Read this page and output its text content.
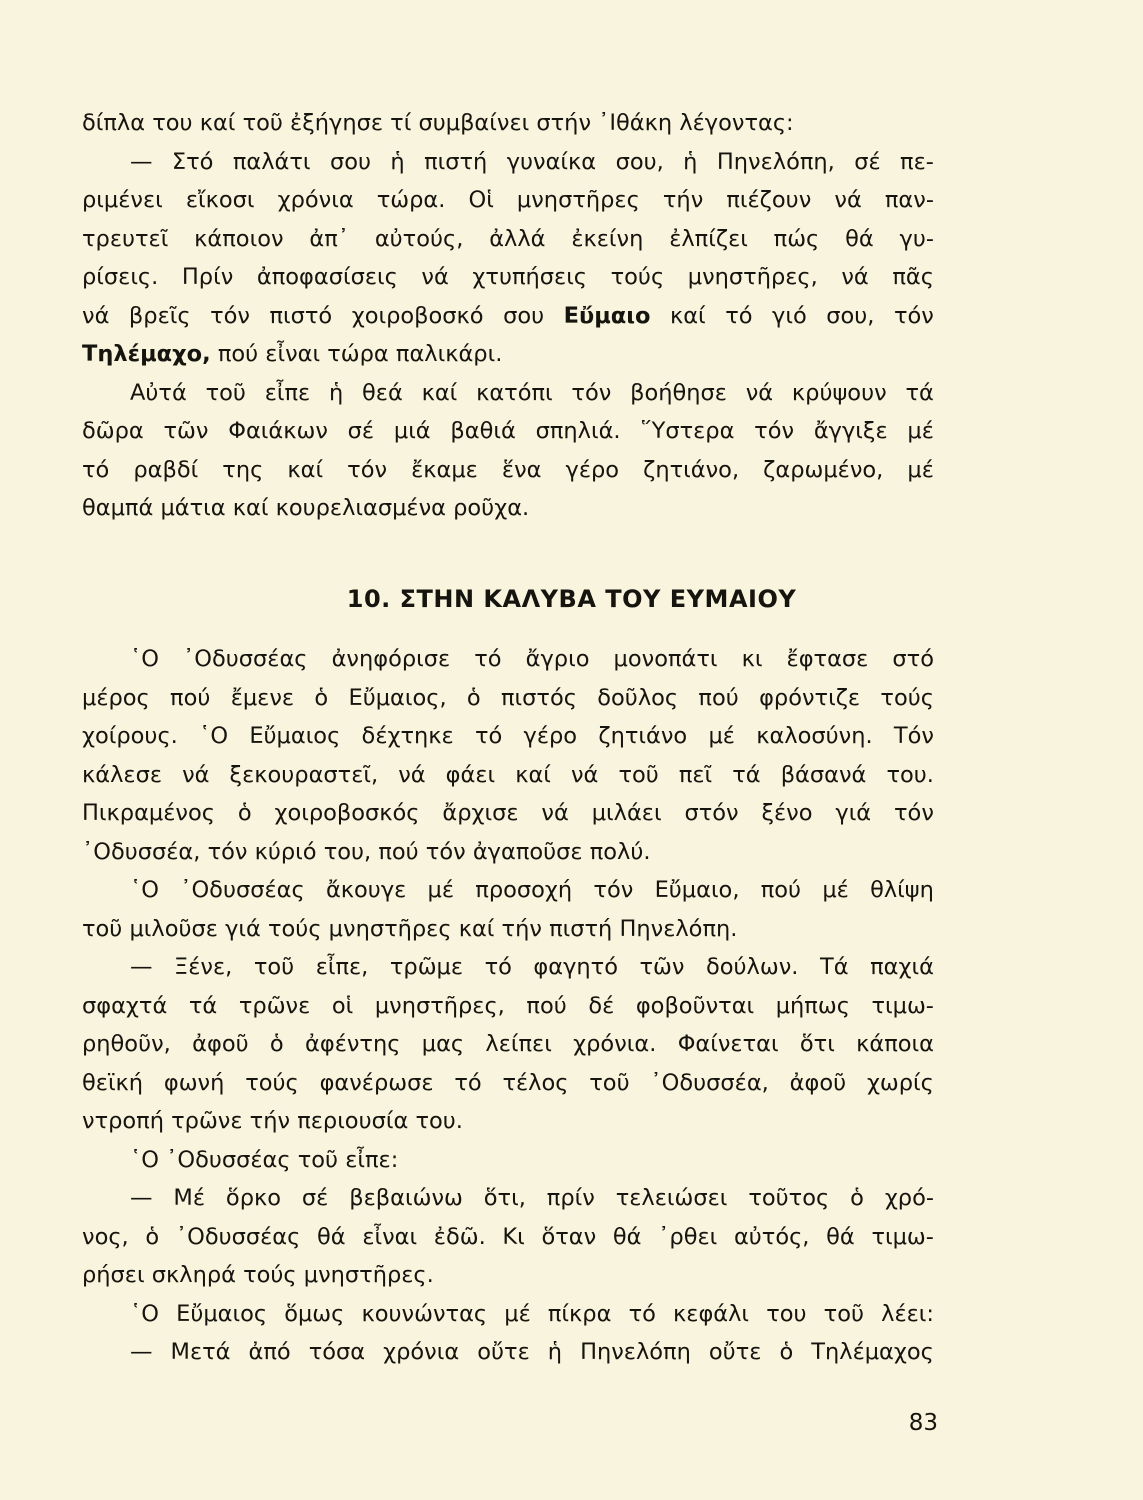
δίπλα του καί τοῦ ἐξήγησε τί συμβαίνει στήν ᾿Ιθάκη λέγοντας:
— Στό παλάτι σου ἡ πιστή γυναίκα σου, ἡ Πηνελόπη, σέ πε-
ριμένει εἴκοσι χρόνια τώρα. Οἱ μνηστῆρες τήν πιέζουν νά παν-
τρευτεῖ κάποιον ἀπ᾿ αὐτούς, ἀλλά ἐκείνη ἐλπίζει πώς θά γυ-
ρίσεις. Πρίν ἀποφασίσεις νά χτυπήσεις τούς μνηστῆρες, νά πᾶς
νά βρεῖς τόν πιστό χοιροβοσκό σου Εὔμαιο καί τό γιό σου, τόν
Τηλέμαχο, πού εἶναι τώρα παλικάρι.
Αὐτά τοῦ εἶπε ἡ θεά καί κατόπι τόν βοήθησε νά κρύψουν τά
δῶρα τῶν Φαιάκων σέ μιά βαθιά σπηλιά. ῞Υστερα τόν ἄγγιξε μέ
τό ραβδί της καί τόν ἔκαμε ἕνα γέρο ζητιάνο, ζαρωμένο, μέ
θαμπά μάτια καί κουρελιασμένα ροῦχα.
10. ΣΤΗΝ ΚΑΛΥΒΑ ΤΟΥ ΕΥΜΑΙΟΥ
῾Ο ᾿Οδυσσέας ἀνηφόρισε τό ἄγριο μονοπάτι κι ἔφτασε στό
μέρος πού ἔμενε ὁ Εὔμαιος, ὁ πιστός δοῦλος πού φρόντιζε τούς
χοίρους. ῾Ο Εὔμαιος δέχτηκε τό γέρο ζητιάνο μέ καλοσύνη. Τόν
κάλεσε νά ξεκουραστεῖ, νά φάει καί νά τοῦ πεῖ τά βάσανά του.
Πικραμένος ὁ χοιροβοσκός ἄρχισε νά μιλάει στόν ξένο γιά τόν
᾿Οδυσσέα, τόν κύριό του, πού τόν ἀγαποῦσε πολύ.
῾Ο ᾿Οδυσσέας ἄκουγε μέ προσοχή τόν Εὔμαιο, πού μέ θλίψη
τοῦ μιλοῦσε γιά τούς μνηστῆρες καί τήν πιστή Πηνελόπη.
— Ξένε, τοῦ εἶπε, τρῶμε τό φαγητό τῶν δούλων. Τά παχιά
σφαχτά τά τρῶνε οἱ μνηστῆρες, πού δέ φοβοῦνται μήπως τιμω-
ρηθοῦν, ἀφοῦ ὁ ἀφέντης μας λείπει χρόνια. Φαίνεται ὅτι κάποια
θεϊκή φωνή τούς φανέρωσε τό τέλος τοῦ ᾿Οδυσσέα, ἀφοῦ χωρίς
ντροπή τρῶνε τήν περιουσία του.
῾Ο ᾿Οδυσσέας τοῦ εἶπε:
— Μέ ὅρκο σέ βεβαιώνω ὅτι, πρίν τελειώσει τοῦτος ὁ χρό-
νος, ὁ ᾿Οδυσσέας θά εἶναι ἐδῶ. Κι ὅταν θά ᾿ρθει αὐτός, θά τιμω-
ρήσει σκληρά τούς μνηστῆρες.
῾Ο Εὔμαιος ὅμως κουνώντας μέ πίκρα τό κεφάλι του τοῦ λέει:
— Μετά ἀπό τόσα χρόνια οὔτε ἡ Πηνελόπη οὔτε ὁ Τηλέμαχος
83
